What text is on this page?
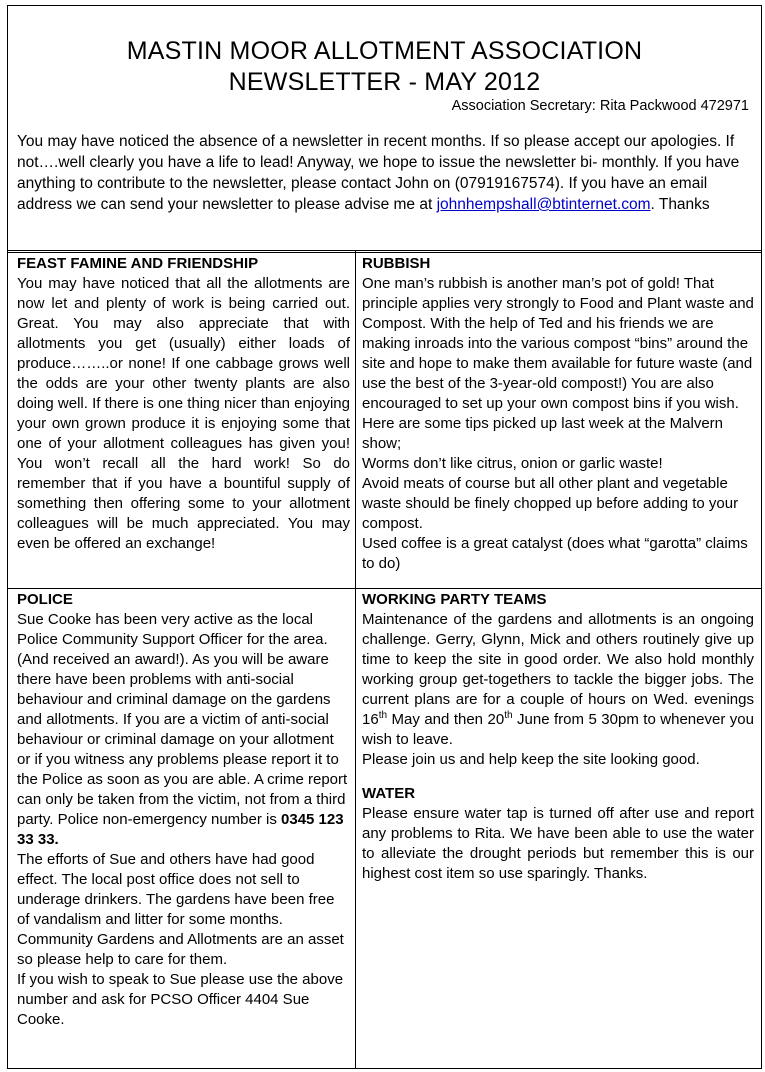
MASTIN MOOR ALLOTMENT ASSOCIATION
NEWSLETTER - MAY 2012
Association Secretary: Rita Packwood 472971
You may have noticed the absence of a newsletter in recent months. If so please accept our apologies. If not….well clearly you have a life to lead! Anyway, we hope to issue the newsletter bi- monthly. If you have anything to contribute to the newsletter, please contact John on (07919167574). If you have an email address we can send your newsletter to please advise me at johnhempshall@btinternet.com. Thanks
FEAST FAMINE AND FRIENDSHIP

You may have noticed that all the allotments are now let and plenty of work is being carried out. Great. You may also appreciate that with allotments you get (usually) either loads of produce……..or none! If one cabbage grows well the odds are your other twenty plants are also doing well. If there is one thing nicer than enjoying your own grown produce it is enjoying some that one of your allotment colleagues has given you! You won’t recall all the hard work! So do remember that if you have a bountiful supply of something then offering some to your allotment colleagues will be much appreciated. You may even be offered an exchange!

RUBBISH

One man’s rubbish is another man’s pot of gold! That principle applies very strongly to Food and Plant waste and Compost. With the help of Ted and his friends we are making inroads into the various compost “bins” around the site and hope to make them available for future waste (and use the best of the 3-year-old compost!) You are also encouraged to set up your own compost bins if you wish. Here are some tips picked up last week at the Malvern show;

Worms don’t like citrus, onion or garlic waste!

Avoid meats of course but all other plant and vegetable waste should be finely chopped up before adding to your compost.

Used coffee is a great catalyst (does what “garotta” claims to do)

POLICE

Sue Cooke has been very active as the local Police Community Support Officer for the area. (And received an award!). As you will be aware there have been problems with anti-social behaviour and criminal damage on the gardens and allotments. If you are a victim of anti-social behaviour or criminal damage on your allotment or if you witness any problems please report it to the Police as soon as you are able. A crime report can only be taken from the victim, not from a third party. Police non-emergency number is 0345 123 33 33.

The efforts of Sue and others have had good effect. The local post office does not sell to underage drinkers. The gardens have been free of vandalism and litter for some months. Community Gardens and Allotments are an asset so please help to care for them.

If you wish to speak to Sue please use the above number and ask for PCSO Officer 4404 Sue Cooke.

WORKING PARTY TEAMS

Maintenance of the gardens and allotments is an ongoing challenge. Gerry, Glynn, Mick and others routinely give up time to keep the site in good order. We also hold monthly working group get-togethers to tackle the bigger jobs. The current plans are for a couple of hours on Wed. evenings 16th May and then 20th June from 5 30pm to whenever you wish to leave.

Please join us and help keep the site looking good.

WATER

Please ensure water tap is turned off after use and report any problems to Rita. We have been able to use the water to alleviate the drought periods but remember this is our highest cost item so use sparingly. Thanks.
